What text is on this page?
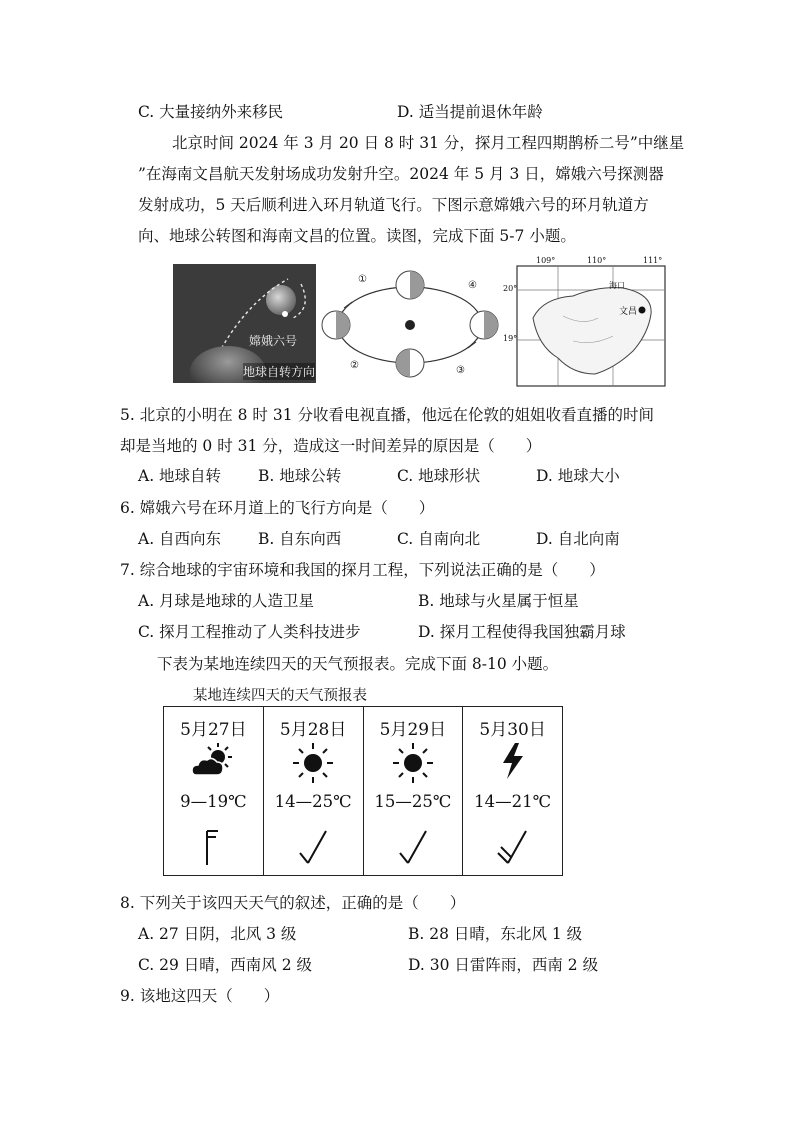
C. 大量接纳外来移民	D. 适当提前退休年龄
北京时间 2024 年 3 月 20 日 8 时 31 分，探月工程四期鹊桥二号”中继星
”在海南文昌航天发射场成功发射升空。2024 年 5 月 3 日，嫦娥六号探测器
发射成功，5 天后顺利进入环月轨道飞行。下图示意嫦娥六号的环月轨道方
向、地球公转图和海南文昌的位置。读图，完成下面 5-7 小题。
嫦娥六号
地球自转方向
①
②	③
④
109°	110°	111°
20°
19°
海口
文昌
5. 北京的小明在 8 时 31 分收看电视直播，他远在伦敦的姐姐收看直播的时间
却是当地的 0 时 31 分，造成这一时间差异的原因是（　　）
A. 地球自转 B. 地球公转	C. 地球形状	D. 地球大小
6. 嫦娥六号在环月道上的飞行方向是（　　）
A. 自西向东 B. 自东向西	C. 自南向北	D. 自北向南
7. 综合地球的宇宙环境和我国的探月工程，下列说法正确的是（　　）
A. 月球是地球的人造卫星	B. 地球与火星属于恒星
C. 探月工程推动了人类科技进步	D. 探月工程使得我国独霸月球
下表为某地连续四天的天气预报表。完成下面 8-10 小题。
某地连续四天的天气预报表
5月27日
9—19℃
5月28日
14—25℃
5月29日
15—25℃
5月30日
14—21℃
8. 下列关于该四天天气的叙述，正确的是（　　）
A. 27 日阴，北风 3 级	B. 28 日晴，东北风 1 级
C. 29 日晴，西南风 2 级	D. 30 日雷阵雨，西南 2 级
9. 该地这四天（　　）
